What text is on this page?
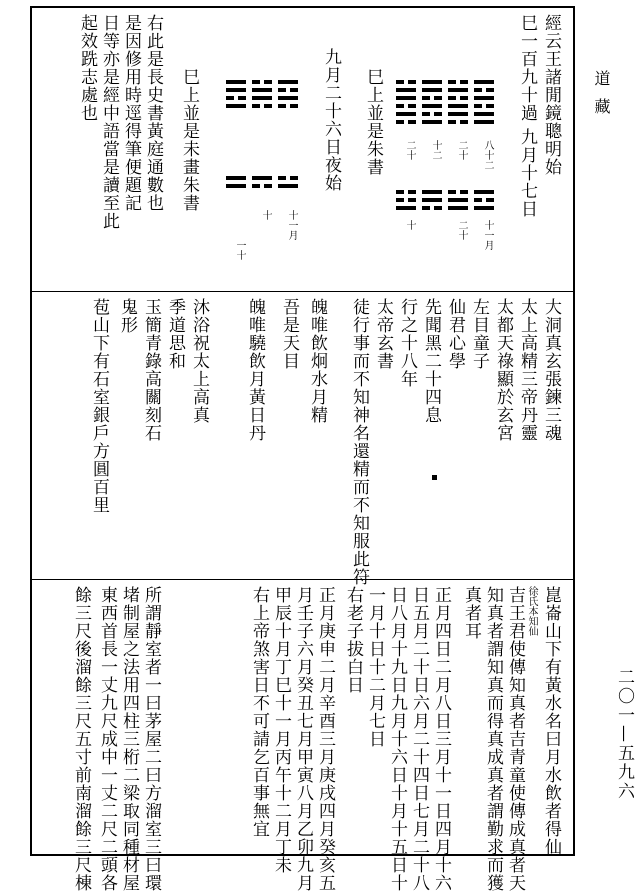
道藏
二〇一—五九六
經云王諸閒鏡聰明始
巳一百九十過
九月十七日
八十二
二十
十二
二十
十一月
二十
十
十一月
十
一十
巳上並是朱書
九月二十六日夜始
巳上並是未畫朱書
右此是長史書黃庭通數也
是因修用時逕得筆便題記
日等亦是經中語當是讀至此
起效跣志處也
大洞真玄張鍊三魂
太上高精三帝丹靈
太都天祿顯於玄宮
左目童子
仙君心學
先聞黑二十四息
行之十八年
太帝玄書
徒行事而不知神名還精而不知服此符
魄唯飲炯水月精
吾是天目
魄唯驍飲月黃日丹
沐浴祝太上高真
季道思和
玉簡青錄高關刻石
鬼形
苞山下有石室銀戶方圓百里
崑崙山下有黃水名曰月水飲者得仙
徐氏本知仙
吉王君使傳知真者吉青童使傳成真者天
知真者謂知真而得真成真者謂勤求而獲
真者耳
正月四日二月八日三月十一日四月十六
日五月二十日六月二十四日七月二十八
日八月十九日九月十六日十月十五日十
一月十日十二月七日
右老子拔白日
正月庚申二月辛酉三月庚戌四月癸亥五
月壬子六月癸丑七月甲寅八月乙卯九月
甲辰十月丁巳十一月丙午十二月丁未
右上帝煞害日不可請乞百事無宜
所謂靜室者一曰茅屋二曰方溜室三曰環
堵制屋之法用四柱三桁二梁取同種材屋
東西首長一丈九尺成中一丈二尺二頭各
餘三尺後溜餘三尺五寸前南溜餘三尺棟
